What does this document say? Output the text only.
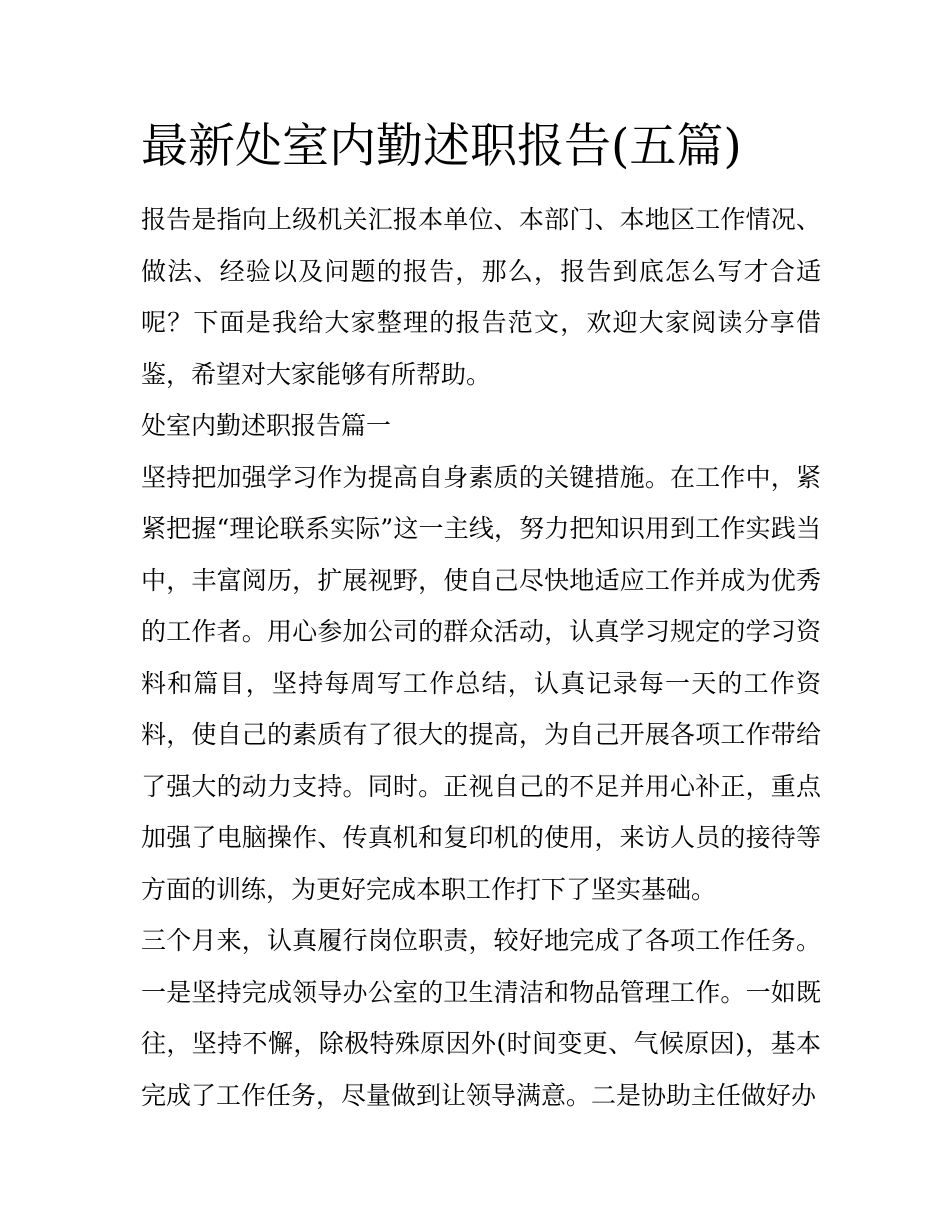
最新处室内勤述职报告(五篇)

报告是指向上级机关汇报本单位、本部门、本地区工作情况、做法、经验以及问题的报告，那么，报告到底怎么写才合适呢？下面是我给大家整理的报告范文，欢迎大家阅读分享借鉴，希望对大家能够有所帮助。

处室内勤述职报告篇一

坚持把加强学习作为提高自身素质的关键措施。在工作中，紧紧把握“理论联系实际”这一主线，努力把知识用到工作实践当中，丰富阅历，扩展视野，使自己尽快地适应工作并成为优秀的工作者。用心参加公司的群众活动，认真学习规定的学习资料和篇目，坚持每周写工作总结，认真记录每一天的工作资料，使自己的素质有了很大的提高，为自己开展各项工作带给了强大的动力支持。同时。正视自己的不足并用心补正，重点加强了电脑操作、传真机和复印机的使用，来访人员的接待等方面的训练，为更好完成本职工作打下了坚实基础。

三个月来，认真履行岗位职责，较好地完成了各项工作任务。一是坚持完成领导办公室的卫生清洁和物品管理工作。一如既往，坚持不懈，除极特殊原因外(时间变更、气候原因)，基本完成了工作任务，尽量做到让领导满意。二是协助主任做好办
